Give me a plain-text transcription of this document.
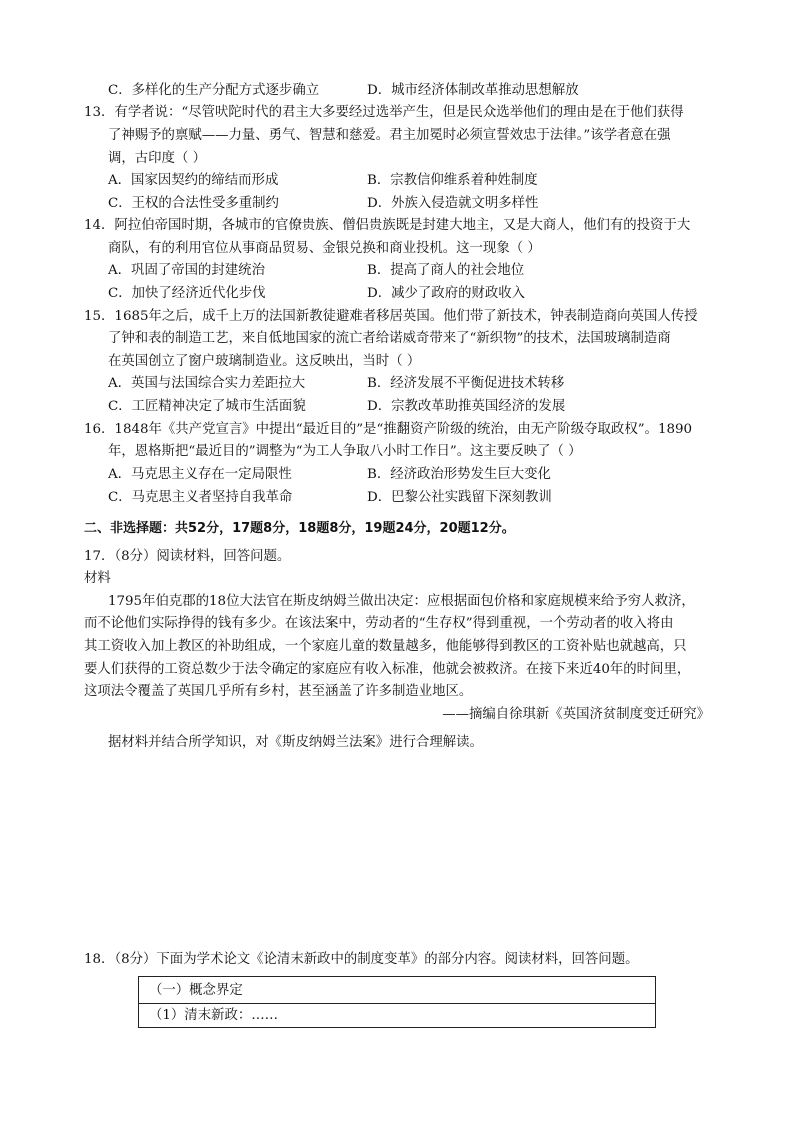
C．多样化的生产分配方式逐步确立	D．城市经济体制改革推动思想解放
13．有学者说：“尽管吠陀时代的君主大多要经过选举产生，但是民众选举他们的理由是在于他们获得
了神赐予的禀赋——力量、勇气、智慧和慈爱。君主加冕时必须宣誓效忠于法律。”该学者意在强
调，古印度（ ）
A．国家因契约的缔结而形成	B．宗教信仰维系着种姓制度
C．王权的合法性受多重制约	D．外族入侵造就文明多样性
14．阿拉伯帝国时期，各城市的官僚贵族、僧侣贵族既是封建大地主，又是大商人，他们有的投资于大
商队，有的利用官位从事商品贸易、金银兑换和商业投机。这一现象（ ）
A．巩固了帝国的封建统治	B．提高了商人的社会地位
C．加快了经济近代化步伐	D．减少了政府的财政收入
15．1685年之后，成千上万的法国新教徒避难者移居英国。他们带了新技术，钟表制造商向英国人传授
了钟和表的制造工艺，来自低地国家的流亡者给诺威奇带来了“新织物”的技术，法国玻璃制造商
在英国创立了窗户玻璃制造业。这反映出，当时（ ）
A．英国与法国综合实力差距拉大	B．经济发展不平衡促进技术转移
C．工匠精神决定了城市生活面貌	D．宗教改革助推英国经济的发展
16．1848年《共产党宣言》中提出“最近目的”是“推翻资产阶级的统治，由无产阶级夺取政权”。1890
年，恩格斯把“最近目的”调整为“为工人争取八小时工作日”。这主要反映了（ ）
A．马克思主义存在一定局限性	B．经济政治形势发生巨大变化
C．马克思主义者坚持自我革命	D．巴黎公社实践留下深刻教训
二、非选择题：共52分，17题8分，18题8分，19题24分，20题12分。
17．（8分）阅读材料，回答问题。
材料
1795年伯克郡的18位大法官在斯皮纳姆兰做出决定：应根据面包价格和家庭规模来给予穷人救济，
而不论他们实际挣得的钱有多少。在该法案中，劳动者的“生存权”得到重视，一个劳动者的收入将由
其工资收入加上教区的补助组成，一个家庭儿童的数量越多，他能够得到教区的工资补贴也就越高，只
要人们获得的工资总数少于法令确定的家庭应有收入标准，他就会被救济。在接下来近40年的时间里，
这项法令覆盖了英国几乎所有乡村，甚至涵盖了许多制造业地区。
——摘编自徐琪新《英国济贫制度变迁研究》
据材料并结合所学知识，对《斯皮纳姆兰法案》进行合理解读。
18．（8分）下面为学术论文《论清末新政中的制度变革》的部分内容。阅读材料，回答问题。
（一）概念界定
（1）清末新政：……
